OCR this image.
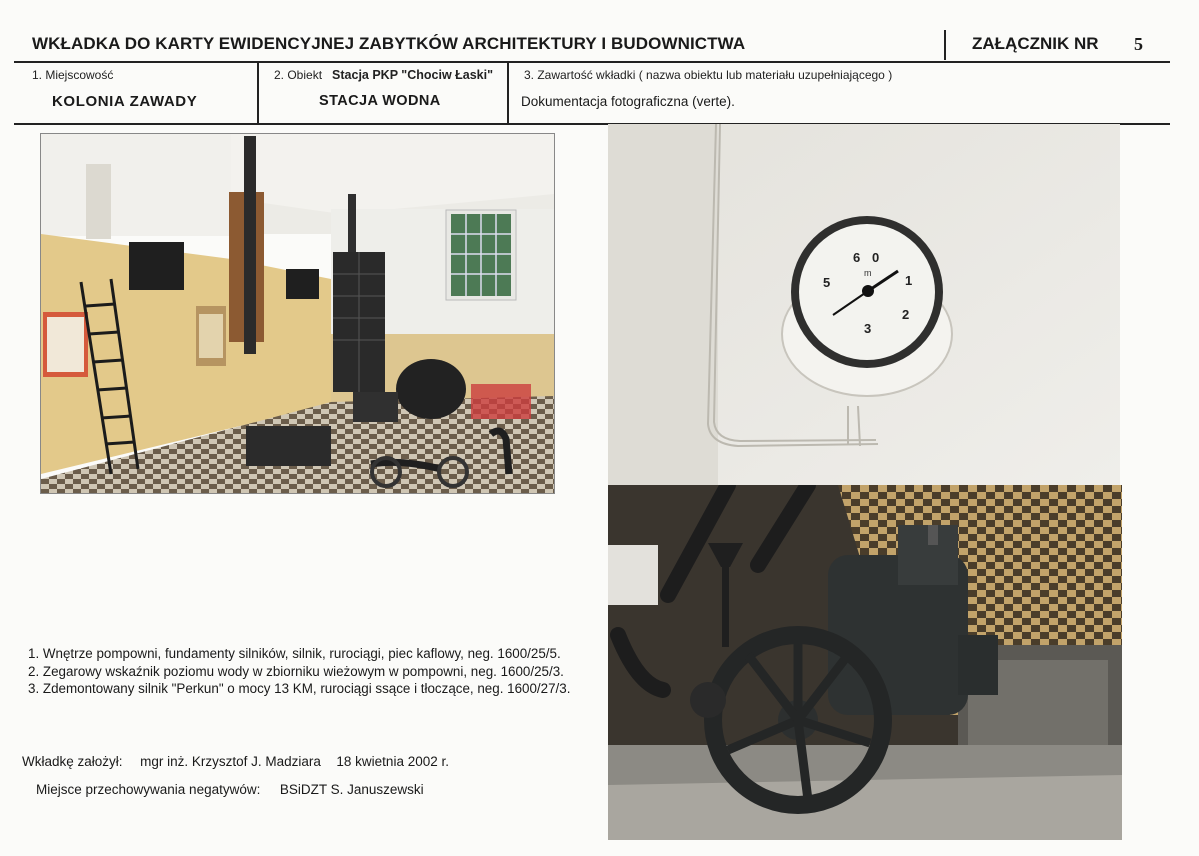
WKŁADKA DO KARTY EWIDENCYJNEJ ZABYTKÓW ARCHITEKTURY I BUDOWNICTWA	ZAŁĄCZNIK NR 5
1. Miejscowość
KOLONIA ZAWADY
2. Obiekt Stacja PKP "Chociw Łaski"
STACJA WODNA
3. Zawartość wkładki ( nazwa obiektu lub materiału uzupełniającego )
Dokumentacja fotograficzna (verte).
6 0
5	1
2
3
m
1. Wnętrze pompowni, fundamenty silników, silnik, rurociągi, piec kaflowy, neg. 1600/25/5.
2. Zegarowy wskaźnik poziomu wody w zbiorniku wieżowym w pompowni, neg. 1600/25/3.
3. Zdemontowany silnik "Perkun" o mocy 13 KM, rurociągi ssące i tłoczące, neg. 1600/27/3.
Wkładkę założył: mgr inż. Krzysztof J. Madziara 18 kwietnia 2002 r.
Miejsce przechowywania negatywów: BSiDZT S. Januszewski
